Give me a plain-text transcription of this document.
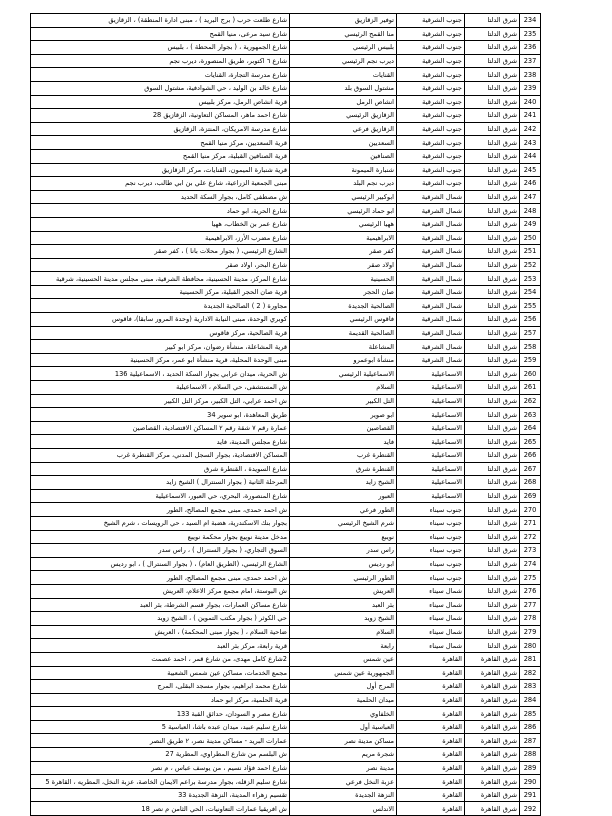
شارع طلعت حرب ( برج البريد ) ، مبنى ادارة المنطقة) ، الزقازيق	توفير الزقازيق	جنوب الشرقية	شرق الدلتا	234
شارع سيد مرعى، منيا القمح	منا القمح الرئيسي	جنوب الشرقية	شرق الدلتا	235
شارع الجمهورية ، ( بجوار المحطة ) ، بلبيس	بلبيس الرئيسي	جنوب الشرقية	شرق الدلتا	236
شارع ٦ اكتوبر، طريق المنصورة، ديرب نجم	ديرب نجم الرئيسي	جنوب الشرقية	شرق الدلتا	237
شارع مدرسة التجارة، القنايات	القنايات	جنوب الشرقية	شرق الدلتا	238
شارع خالد بن الوليد ، حي الشوادفية، مشتول السوق	مشتول السوق بلد	جنوب الشرقية	شرق الدلتا	239
قرية انشاص الرمل، مركز بلبيس	انشاص الرمل	جنوب الشرقية	شرق الدلتا	240
شارع احمد ماهر، المساكن التعاونية، الزقازيق 28	الزقازيق الرئيسي	جنوب الشرقية	شرق الدلتا	241
شارع مدرسة الامريكان، المنتزة، الزقازيق	الزقازيق فرعي	جنوب الشرقية	شرق الدلتا	242
قرية السعديين، مركز منيا القمح	السعديين	جنوب الشرقية	شرق الدلتا	243
قرية الصنافين القبلية، مركز منيا القمح	الصنافين	جنوب الشرقية	شرق الدلتا	244
قرية شنبارة الميمون، القنايات، مركز الزقازيق	شنبارة الميمونة	جنوب الشرقية	شرق الدلتا	245
مبنى الجمعية الزراعية، شارع علي بن ابي طالب، ديرب نجم	ديرب نجم البلد	جنوب الشرقية	شرق الدلتا	246
ش مصطفى كامل، بجوار السكة الحديد	ابوكبير الرئيسي	شمال الشرقية	شرق الدلتا	247
شارع الحرية، ابو حماد	ابو حماد الرئيسي	شمال الشرقية	شرق الدلتا	248
شارع عمر بن الخطاب، ههيا	ههيا الرئيسي	شمال الشرقية	شرق الدلتا	249
شارع مضرب الأرز، الابراهيمية	الابراهيمية	شمال الشرقية	شرق الدلتا	250
الشارع الرئيسي، ( بجوار محلات بانا ) ، كفر صقر	كفر صقر	شمال الشرقية	شرق الدلتا	251
شارع البحر، اولاد صقر	اولاد صقر	شمال الشرقية	شرق الدلتا	252
شارع المركز، مدينة الحسينية، محافظة الشرقية، مبنى مجلس مدينة الحسينية، شرقية	الحسينية	شمال الشرقية	شرق الدلتا	253
قرية صان الحجر القبلية، مركز الحسينية	صان الحجر	شمال الشرقية	شرق الدلتا	254
مجاورة ( 2 ) الصالحية الجديدة	الصالحية الجديدة	شمال الشرقية	شرق الدلتا	255
كوبري الوحدة، مبنى النيابة الادارية (وحدة المرور سابقا)، فاقوس	فاقوس الرئيسي	شمال الشرقية	شرق الدلتا	256
قرية الصالحية، مركز فاقوس	الصالحية القديمة	شمال الشرقية	شرق الدلتا	257
قرية المشاعلة، منشأة رضوان، مركز ابو كبير	المشاعلة	شمال الشرقية	شرق الدلتا	258
مبنى الوحدة المحلية، قرية منشأة ابو عمر، مركز الحسينية	منشأة ابوعمرو	شمال الشرقية	شرق الدلتا	259
ش الحرية، ميدان عرابي بجوار السكة الحديد ، الاسماعيلية 136	الاسماعيلية الرئيسي	الاسماعيلية	شرق الدلتا	260
ش المستشفى، حي السلام ، الاسماعيلية	السلام	الاسماعيلية	شرق الدلتا	261
ش احمد عرابي، التل الكبير، مركز التل الكبير	التل الكبير	الاسماعيلية	شرق الدلتا	262
طريق المعاهدة، ابو سوير 34	ابو صوير	الاسماعيلية	شرق الدلتا	263
عمارة رقم ٧ شقة رقم ٢ المساكن الاقتصادية، القصاصين	القصاصين	الاسماعيلية	شرق الدلتا	264
شارع مجلس المدينة، فايد	فايد	الاسماعيلية	شرق الدلتا	265
المساكن الاقتصادية، بجوار السجل المدني، مركز القنطرة غرب	القنطرة غرب	الاسماعيلية	شرق الدلتا	266
شارع السويدة ، القنطرة شرق	القنطرة شرق	الاسماعيلية	شرق الدلتا	267
المرحلة الثانية ( بجوار السنترال ) الشيخ زايد	الشيخ زايد	الاسماعيلية	شرق الدلتا	268
شارع المنصورة، البحري، حي العبور، الاسماعيلية	العبور	الاسماعيلية	شرق الدلتا	269
ش احمد حمدى، مبنى مجمع المصالح، الطور	الطور فرعي	جنوب سيناء	شرق الدلتا	270
بجوار بنك الاسكندرية، هضبة ام السيد ، حي الرويسات ، شرم الشيخ	شرم الشيخ الرئيسي	جنوب سيناء	شرق الدلتا	271
مدخل مدينة نويبع بجوار محكمة نويبع	نويبع	جنوب سيناء	شرق الدلتا	272
السوق التجاري، ( بجوار السنترال ) ، راس سدر	راس سدر	جنوب سيناء	شرق الدلتا	273
الشارع الرئيسي، (الطريق العام) ، ( بجوار السنترال ) ، ابو رديس	ابو رديس	جنوب سيناء	شرق الدلتا	274
ش احمد حمدى، مبنى مجمع المصالح، الطور	الطور الرئيسي	جنوب سيناء	شرق الدلتا	275
ش البوستة، امام مجمع مركز الاعلام، العريش	العريش	شمال سيناء	شرق الدلتا	276
شارع مساكن العمارات، بجوار قسم الشرطة، بئر العبد	بئر العبد	شمال سيناء	شرق الدلتا	277
حي الكوثر ( بجوار مكتب التموين ) ، الشيخ زويد	الشيخ زويد	شمال سيناء	شرق الدلتا	278
ضاحية السلام ، ( بجوار مبنى المحكمة) ، العريش	السلام	شمال سيناء	شرق الدلتا	279
قرية رابعة، مركز بئر العبد	رابعة	شمال سيناء	شرق الدلتا	280
2شارع كامل مهدى، من شارع قمر ، احمد عصمت	عين شمس	القاهرة	شرق القاهرة	281
مجمع الخدمات، مساكن عين شمس الشعبية	الجمهورية عين شمس	القاهرة	شرق القاهرة	282
شارع محمد ابراهيم، بجوار مسجد البقلى، المرج	المرج أول	القاهرة	شرق القاهرة	283
قرية الحلمية، مركز ابو حماد	ميدان الحلمية	القاهرة	شرق القاهرة	284
شارع مصر و السودان، حدائق القبة 133	الخلفاوي	القاهرة	شرق القاهرة	285
شارع سليم عبيد، ميدان عبده باشا، العباسية 5	العباسية أول	القاهرة	شرق القاهرة	286
عمارات البريد - مساكن مدينة نصر، ٢ طريق النصر	مساكن مدينة نصر	القاهرة	شرق القاهرة	287
ش البلسم من شارع المطراوي، المطرية 27	شجرة مريم	القاهرة	شرق القاهرة	288
شارع احمد فؤاد نسيم ، من يوسف عباس ، م نصر	مدينة نصر	القاهرة	شرق القاهرة	289
شارع سليم الزقله، بجوار مدرسة براعم الايمان الخاصة، عزبة النخل، المطريه ، القاهرة 5	عزبة النخل فرعي	القاهرة	شرق القاهرة	290
تقسيم زهراء المدينة، النزهة الجديدة 33	النزهة الجديدة	القاهرة	شرق القاهرة	291
ش افريقيا عمارات التعاونيات، الحي الثامن م نصر 18	الاندلس	القاهرة	شرق القاهرة	292
